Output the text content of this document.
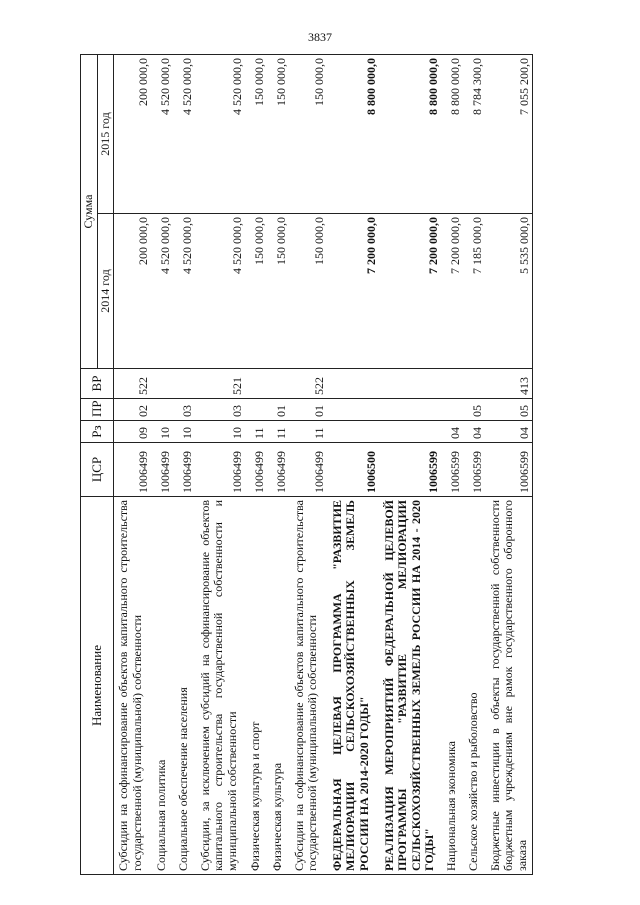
3837
Наименование	ЦСР	Рз	ПР	ВР	Сумма	
					2014 год	2015 год
Субсидии на софинансирование объектов капитального строительства государственной (муниципальной) собственности	1006499	09	02	522	200 000,0	200 000,0
Социальная политика	1006499	10			4 520 000,0	4 520 000,0
Социальное обеспечение населения	1006499	10	03		4 520 000,0	4 520 000,0
Субсидии, за исключением субсидий на софинансирование объектов капитального строительства государственной собственности и муниципальной собственности	1006499	10	03	521	4 520 000,0	4 520 000,0
Физическая культура и спорт	1006499	11			150 000,0	150 000,0
Физическая культура	1006499	11	01		150 000,0	150 000,0
Субсидии на софинансирование объектов капитального строительства государственной (муниципальной) собственности	1006499	11	01	522	150 000,0	150 000,0
ФЕДЕРАЛЬНАЯ ЦЕЛЕВАЯ ПРОГРАММА "РАЗВИТИЕ МЕЛИОРАЦИИ СЕЛЬСКОХОЗЯЙСТВЕННЫХ ЗЕМЕЛЬ РОССИИ НА 2014-2020 ГОДЫ"	1006500				7 200 000,0	8 800 000,0
РЕАЛИЗАЦИЯ МЕРОПРИЯТИЙ ФЕДЕРАЛЬНОЙ ЦЕЛЕВОЙ ПРОГРАММЫ "РАЗВИТИЕ МЕЛИОРАЦИИ СЕЛЬСКОХОЗЯЙСТВЕННЫХ ЗЕМЕЛЬ РОССИИ НА 2014 - 2020 ГОДЫ"	1006599				7 200 000,0	8 800 000,0
Национальная экономика	1006599	04			7 200 000,0	8 800 000,0
Сельское хозяйство и рыболовство	1006599	04	05		7 185 000,0	8 784 300,0
Бюджетные инвестиции в объекты государственной собственности бюджетным учреждениям вне рамок государственного оборонного заказа	1006599	04	05	413	5 535 000,0	7 055 200,0
